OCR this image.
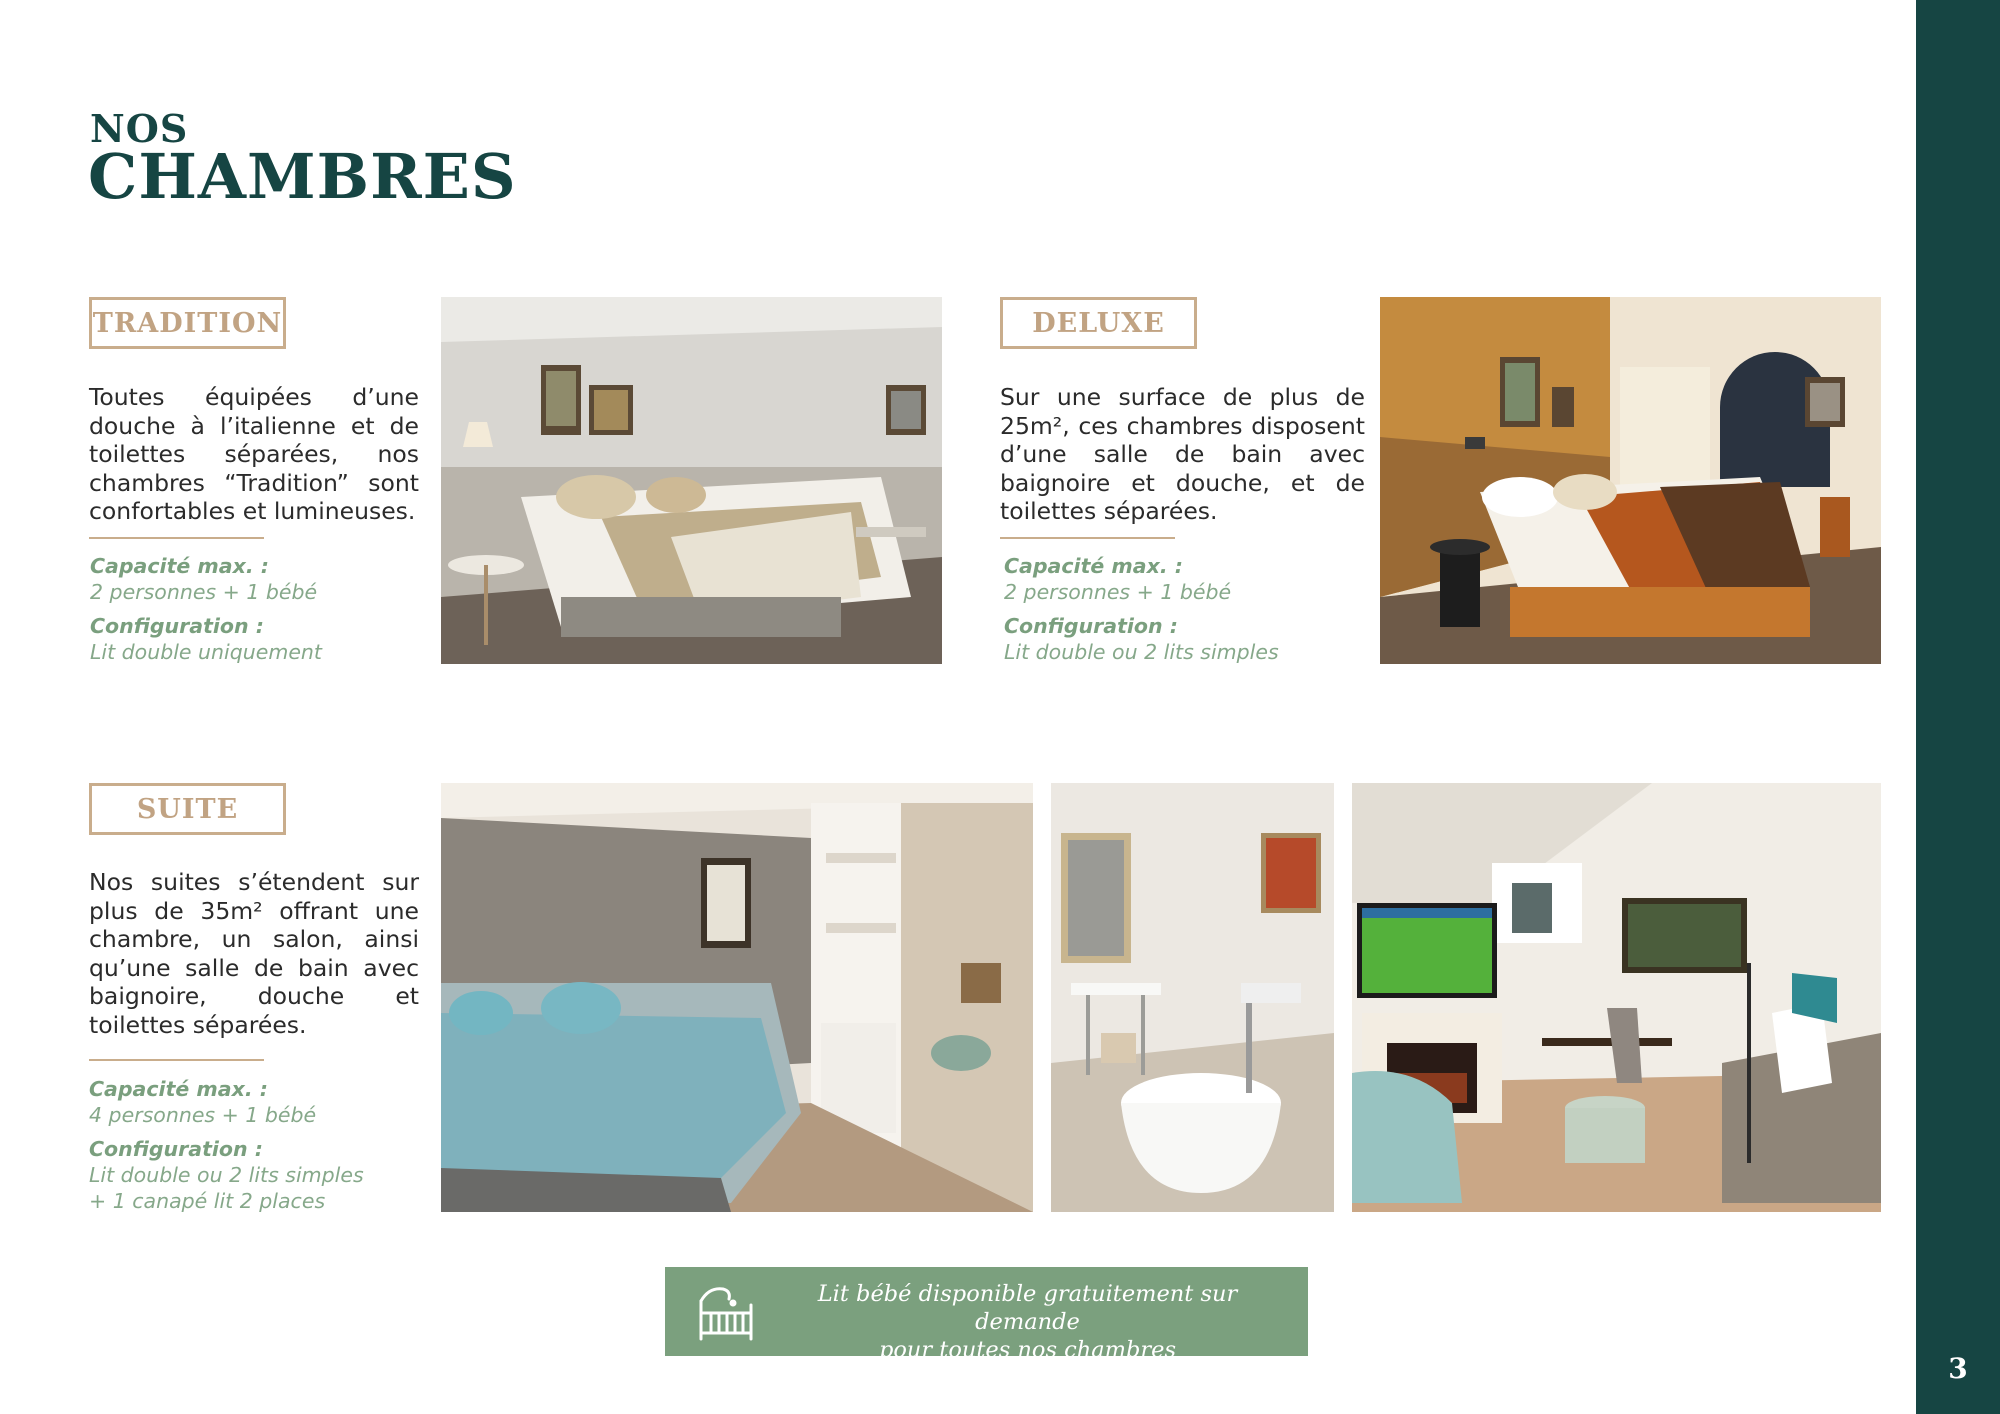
3
NOS
CHAMBRES
TRADITION
Toutes équipées d’une douche à l’italienne et de toilettes séparées, nos chambres “Tradition” sont confortables et lumineuses.
Capacité max. :
2 personnes + 1 bébé
Configuration :
Lit double uniquement
DELUXE
Sur une surface de plus de 25m², ces chambres disposent d’une salle de bain avec baignoire et douche, et de toilettes séparées.
Capacité max. :
2 personnes + 1 bébé
Configuration :
Lit double ou 2 lits simples
SUITE
Nos suites s’étendent sur plus de 35m² offrant une chambre, un salon, ainsi qu’une salle de bain avec baignoire, douche et toilettes séparées.
Capacité max. :
4 personnes + 1 bébé
Configuration :
Lit double ou 2 lits simples
+ 1 canapé lit 2 places
Lit bébé disponible gratuitement sur demande
pour toutes nos chambres
